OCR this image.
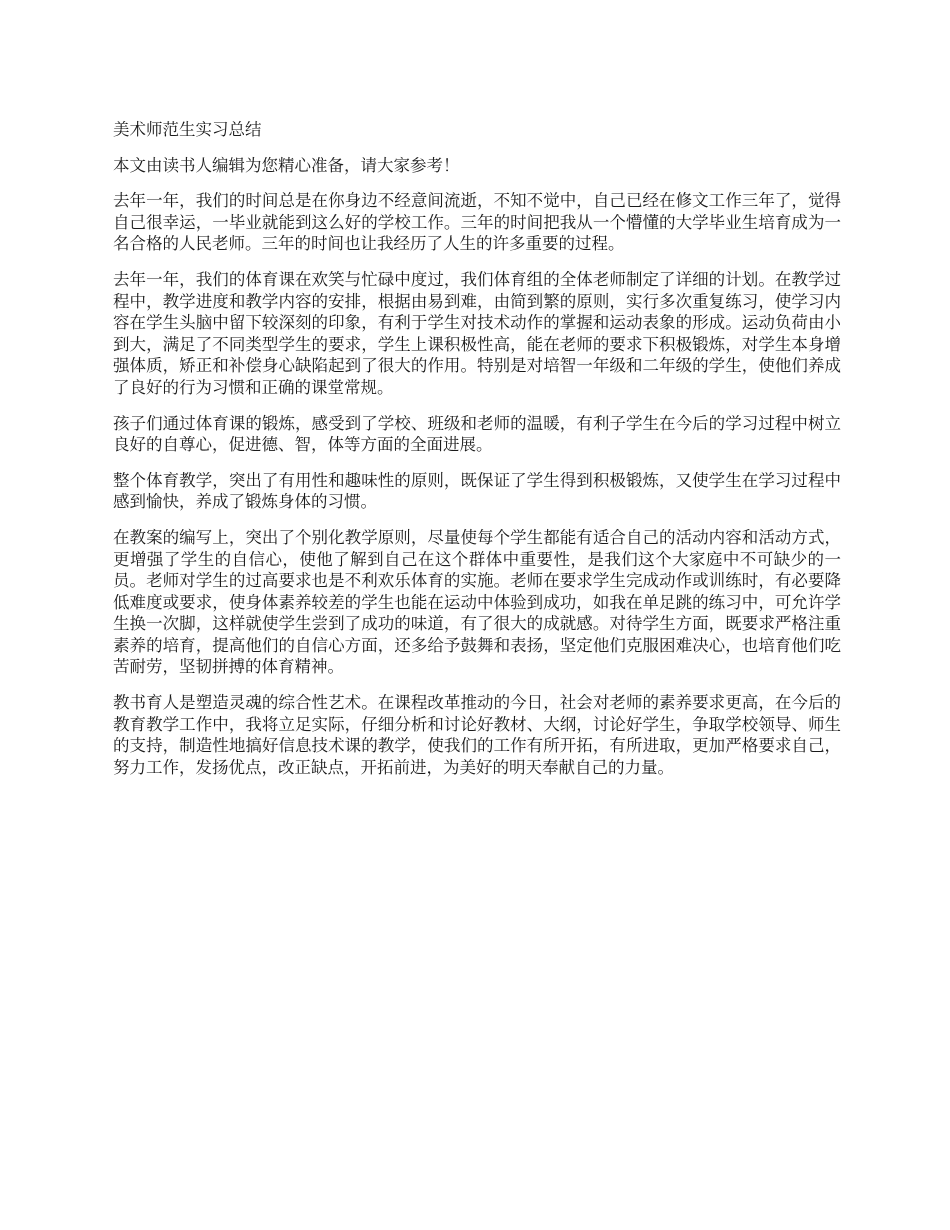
美术师范生实习总结

本文由读书人编辑为您精心准备，请大家参考！

去年一年，我们的时间总是在你身边不经意间流逝，不知不觉中，自己已经在修文工作三年了，觉得自己很幸运，一毕业就能到这么好的学校工作。三年的时间把我从一个懵懂的大学毕业生培育成为一名合格的人民老师。三年的时间也让我经历了人生的许多重要的过程。

去年一年，我们的体育课在欢笑与忙碌中度过，我们体育组的全体老师制定了详细的计划。在教学过程中，教学进度和教学内容的安排，根据由易到难，由简到繁的原则，实行多次重复练习，使学习内容在学生头脑中留下较深刻的印象，有利于学生对技术动作的掌握和运动表象的形成。运动负荷由小到大，满足了不同类型学生的要求，学生上课积极性高，能在老师的要求下积极锻炼，对学生本身增强体质，矫正和补偿身心缺陷起到了很大的作用。特别是对培智一年级和二年级的学生，使他们养成了良好的行为习惯和正确的课堂常规。

孩子们通过体育课的锻炼，感受到了学校、班级和老师的温暖，有利子学生在今后的学习过程中树立良好的自尊心，促进德、智，体等方面的全面进展。

整个体育教学，突出了有用性和趣味性的原则，既保证了学生得到积极锻炼，又使学生在学习过程中感到愉快，养成了锻炼身体的习惯。

在教案的编写上，突出了个别化教学原则，尽量使每个学生都能有适合自己的活动内容和活动方式，更增强了学生的自信心，使他了解到自己在这个群体中重要性，是我们这个大家庭中不可缺少的一员。老师对学生的过高要求也是不利欢乐体育的实施。老师在要求学生完成动作或训练时，有必要降低难度或要求，使身体素养较差的学生也能在运动中体验到成功，如我在单足跳的练习中，可允许学生换一次脚，这样就使学生尝到了成功的味道，有了很大的成就感。对待学生方面，既要求严格注重素养的培育，提高他们的自信心方面，还多给予鼓舞和表扬，坚定他们克服困难决心，也培育他们吃苦耐劳，坚韧拼搏的体育精神。

教书育人是塑造灵魂的综合性艺术。在课程改革推动的今日，社会对老师的素养要求更高，在今后的教育教学工作中，我将立足实际，仔细分析和讨论好教材、大纲，讨论好学生，争取学校领导、师生的支持，制造性地搞好信息技术课的教学，使我们的工作有所开拓，有所进取，更加严格要求自己，努力工作，发扬优点，改正缺点，开拓前进，为美好的明天奉献自己的力量。
